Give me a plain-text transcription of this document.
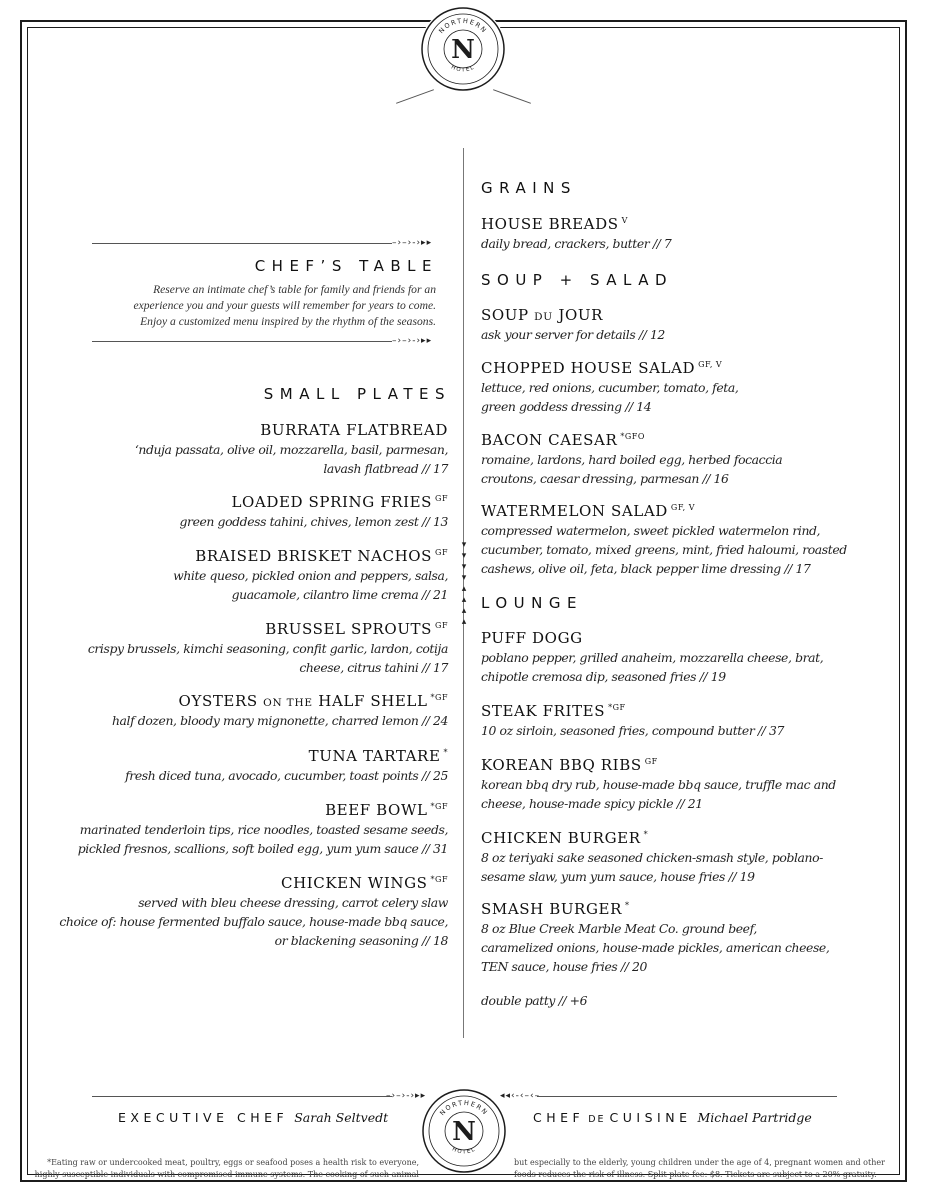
NORTHERN
HOTEL
N
▾
▾
▾
▾
▴
▴
▴
▴
–›–›-›▸▸
CHEF’S TABLE
Reserve an intimate chef’s table for family and friends for an
experience you and your guests will remember for years to come.
Enjoy a customized menu inspired by the rhythm of the seasons.
–›–›-›▸▸
SMALL PLATES
BURRATA FLATBREAD
‘nduja passata, olive oil, mozzarella, basil, parmesan,
lavash flatbread // 17
LOADED SPRING FRIES $^{GF}$
green goddess tahini, chives, lemon zest // 13
BRAISED BRISKET NACHOS $^{GF}$
white queso, pickled onion and peppers, salsa,
guacamole, cilantro lime crema // 21
BRUSSEL SPROUTS $^{GF}$
crispy brussels, kimchi seasoning, confit garlic, lardon, cotija
cheese, citrus tahini // 17
OYSTERS ON THE HALF SHELL $^{*GF}$
half dozen, bloody mary mignonette, charred lemon // 24
TUNA TARTARE *
fresh diced tuna, avocado, cucumber, toast points // 25
BEEF BOWL $^{*GF}$
marinated tenderloin tips, rice noodles, toasted sesame seeds,
pickled fresnos, scallions, soft boiled egg, yum yum sauce // 31
CHICKEN WINGS $^{*GF}$
served with bleu cheese dressing, carrot celery slaw
choice of: house fermented buffalo sauce, house-made bbq sauce,
or blackening seasoning // 18
GRAINS
HOUSE BREADS $^V$
daily bread, crackers, butter // 7
SOUP + SALAD
SOUP DU JOUR
ask your server for details // 12
CHOPPED HOUSE SALAD $^{GF, V}$
lettuce, red onions, cucumber, tomato, feta,
green goddess dressing // 14
BACON CAESAR $^{*GFO}$
romaine, lardons, hard boiled egg, herbed focaccia
croutons, caesar dressing, parmesan // 16
WATERMELON SALAD $^{GF, V}$
compressed watermelon, sweet pickled watermelon rind,
cucumber, tomato, mixed greens, mint, fried haloumi, roasted
cashews, olive oil, feta, black pepper lime dressing // 17
LOUNGE
PUFF DOGG
poblano pepper, grilled anaheim, mozzarella cheese, brat,
chipotle cremosa dip, seasoned fries // 19
STEAK FRITES $^{*GF}$
10 oz sirloin, seasoned fries, compound butter // 37
KOREAN BBQ RIBS $^{GF}$
korean bbq dry rub, house-made bbq sauce, truffle mac and
cheese, house-made spicy pickle // 21
CHICKEN BURGER *
8 oz teriyaki sake seasoned chicken-smash style, poblano-
sesame slaw, yum yum sauce, house fries // 19
SMASH BURGER *
8 oz Blue Creek Marble Meat Co. ground beef,
caramelized onions, house-made pickles, american cheese,
TEN sauce, house fries // 20
double patty // +6
–›–›-›▸▸	◂◂‹-‹–‹–
NORTHERN
HOTEL
N
EXECUTIVE CHEF Sarah Seltvedt	CHEF DE CUISINE Michael Partridge
*Eating raw or undercooked meat, poultry, eggs or seafood poses a health risk to everyone,
highly susceptible individuals with compromised immune systems. The cooking of such animal
but especially to the elderly, young children under the age of 4, pregnant women and other
foods reduces the risk of illness. Split plate fee: $8. Tickets are subject to a 20% gratuity.
